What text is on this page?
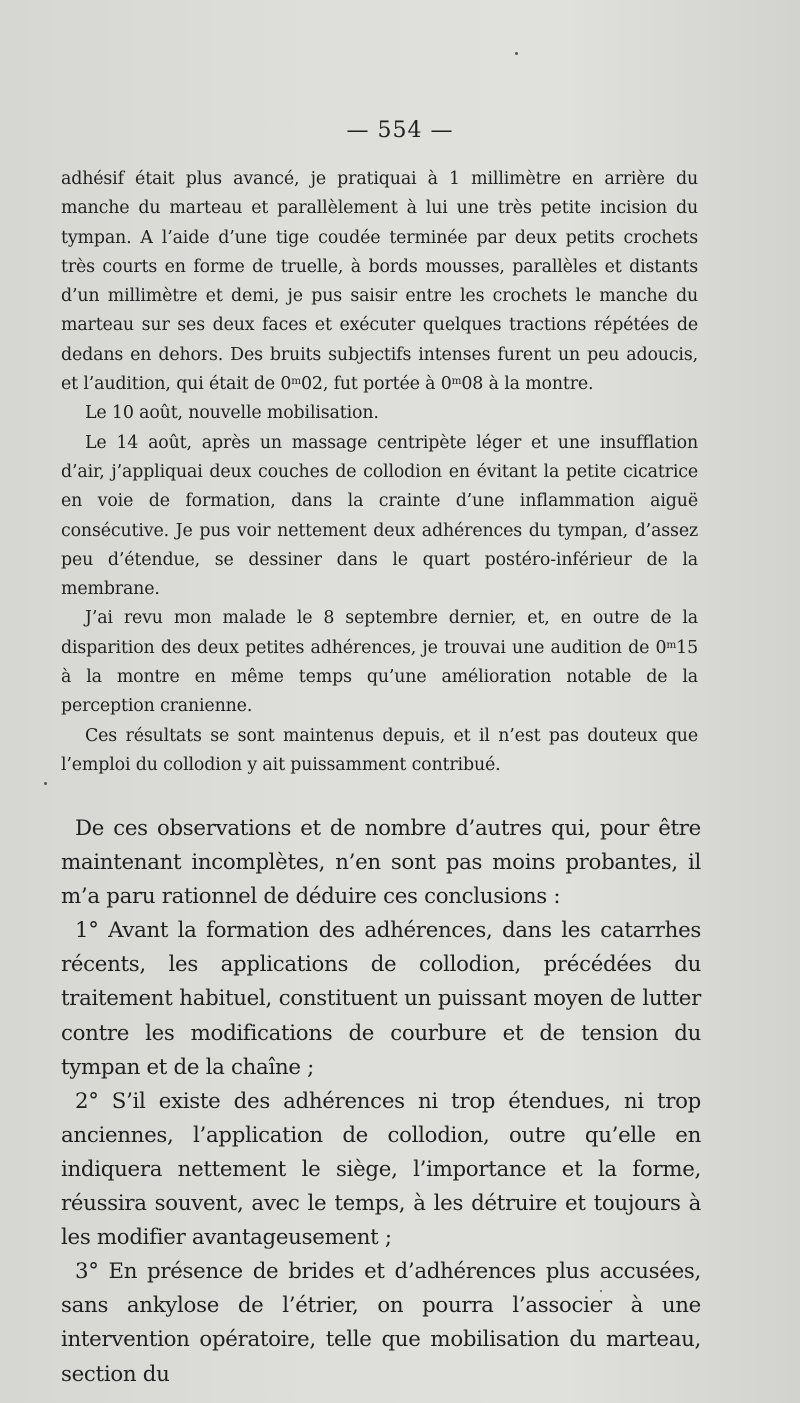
— 554 —

adhésif était plus avancé, je pratiquai à 1 millimètre en arrière du manche du marteau et parallèlement à lui une très petite incision du tympan. A l’aide d’une tige coudée terminée par deux petits crochets très courts en forme de truelle, à bords mousses, parallèles et distants d’un millimètre et demi, je pus saisir entre les crochets le manche du marteau sur ses deux faces et exécuter quelques tractions répétées de dedans en dehors. Des bruits subjectifs intenses furent un peu adoucis, et l’audition, qui était de 0$^m$02, fut portée à 0$^m$08 à la montre.

Le 10 août, nouvelle mobilisation.

Le 14 août, après un massage centripète léger et une insufflation d’air, j’appliquai deux couches de collodion en évitant la petite cicatrice en voie de formation, dans la crainte d’une inflammation aiguë consécutive. Je pus voir nettement deux adhérences du tympan, d’assez peu d’étendue, se dessiner dans le quart postéro-inférieur de la membrane.

J’ai revu mon malade le 8 septembre dernier, et, en outre de la disparition des deux petites adhérences, je trouvai une audition de 0$^m$15 à la montre en même temps qu’une amélioration notable de la perception cranienne.

Ces résultats se sont maintenus depuis, et il n’est pas douteux que l’emploi du collodion y ait puissamment contribué.

De ces observations et de nombre d’autres qui, pour être maintenant incomplètes, n’en sont pas moins probantes, il m’a paru rationnel de déduire ces conclusions :

1° Avant la formation des adhérences, dans les catarrhes récents, les applications de collodion, précédées du traitement habituel, constituent un puissant moyen de lutter contre les modifications de courbure et de tension du tympan et de la chaîne ;

2° S’il existe des adhérences ni trop étendues, ni trop anciennes, l’application de collodion, outre qu’elle en indiquera nettement le siège, l’importance et la forme, réussira souvent, avec le temps, à les détruire et toujours à les modifier avantageusement ;

3° En présence de brides et d’adhérences plus accusées, sans ankylose de l’étrier, on pourra l’associer à une intervention opératoire, telle que mobilisation du marteau, section du
